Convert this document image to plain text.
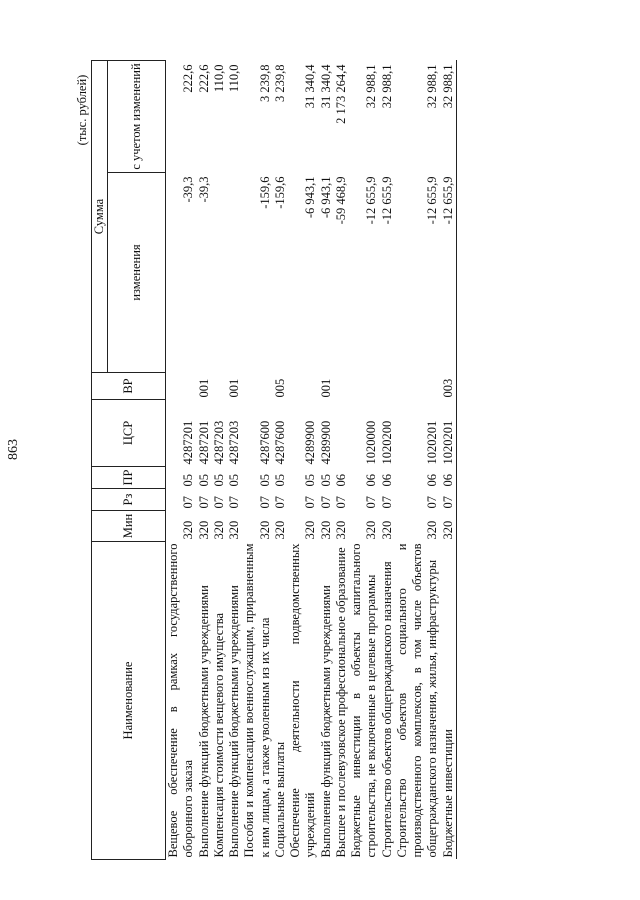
863
(тыс. рублей)
Наименование	Мин	Рз	ПР	ЦСР	ВР	Сумма	
						изменения	с учетом изменений
Вещевое обеспечение в рамках государственного оборонного заказа	320	07	05	4287201		-39,3	222,6
Выполнение функций бюджетными учреждениями	320	07	05	4287201	001	-39,3	222,6
Компенсация стоимости вещевого имущества	320	07	05	4287203			110,0
Выполнение функций бюджетными учреждениями	320	07	05	4287203	001		110,0
Пособия и компенсации военнослужащим, приравненным к ним лицам, а также уволенным из их числа	320	07	05	4287600		-159,6	3 239,8
Социальные выплаты	320	07	05	4287600	005	-159,6	3 239,8
Обеспечение деятельности подведомственных учреждений	320	07	05	4289900		-6 943,1	31 340,4
Выполнение функций бюджетными учреждениями	320	07	05	4289900	001	-6 943,1	31 340,4
Высшее и послевузовское профессиональное образование	320	07	06			-59 468,9	2 173 264,4
Бюджетные инвестиции в объекты капитального строительства, не включенные в целевые программы	320	07	06	1020000		-12 655,9	32 988,1
Строительство объектов общегражданского назначения	320	07	06	1020200		-12 655,9	32 988,1
Строительство объектов социального и производственного комплексов, в том числе объектов общегражданского назначения, жилья, инфраструктуры	320	07	06	1020201		-12 655,9	32 988,1
Бюджетные инвестиции	320	07	06	1020201	003	-12 655,9	32 988,1
